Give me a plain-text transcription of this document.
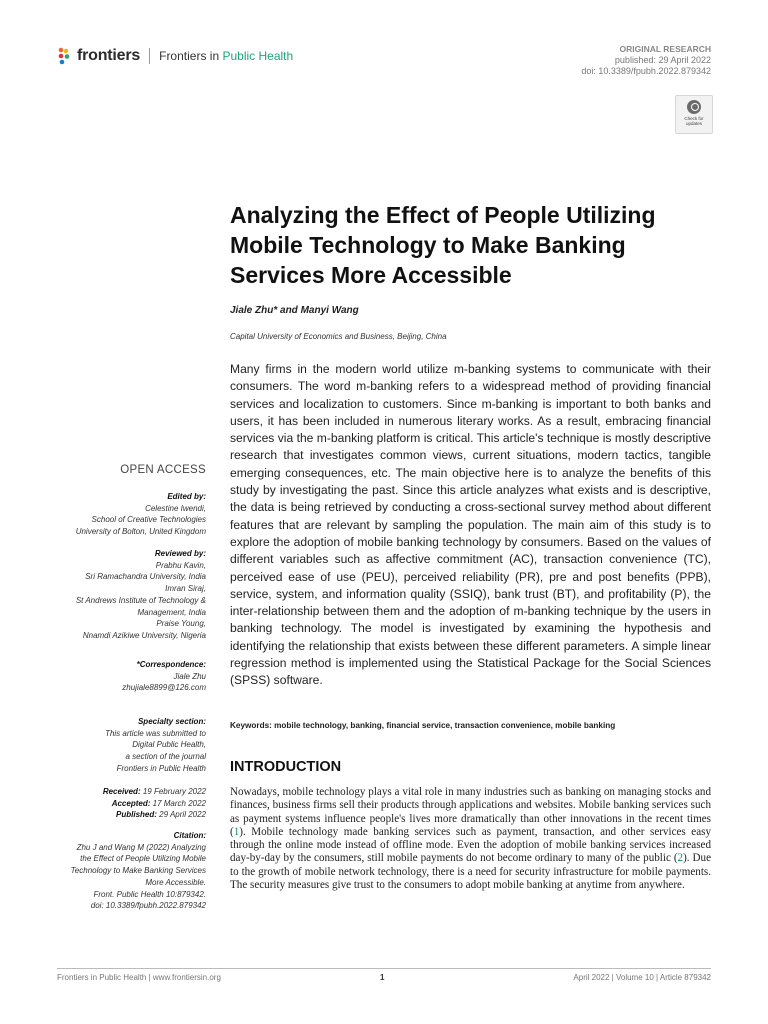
frontiers Frontiers in Public Health	ORIGINAL RESEARCH
published: 29 April 2022
doi: 10.3389/fpubh.2022.879342
Check for updates
Analyzing the Effect of People Utilizing Mobile Technology to Make Banking Services More Accessible
Jiale Zhu* and Manyi Wang
Capital University of Economics and Business, Beijing, China
Many firms in the modern world utilize m-banking systems to communicate with their consumers. The word m-banking refers to a widespread method of providing financial services and localization to customers. Since m-banking is important to both banks and users, it has been included in numerous literary works. As a result, embracing financial services via the m-banking platform is critical. This article's technique is mostly descriptive research that investigates common views, current situations, modern tactics, tangible emerging consequences, etc. The main objective here is to analyze the benefits of this study by investigating the past. Since this article analyzes what exists and is descriptive, the data is being retrieved by conducting a cross-sectional survey method about different features that are relevant by sampling the population. The main aim of this study is to explore the adoption of mobile banking technology by consumers. Based on the values of different variables such as affective commitment (AC), transaction convenience (TC), perceived ease of use (PEU), perceived reliability (PR), pre and post benefits (PPB), service, system, and information quality (SSIQ), bank trust (BT), and profitability (P), the inter-relationship between them and the adoption of m-banking technique by the users in banking technology. The model is investigated by examining the hypothesis and identifying the relationship that exists between these different parameters. A simple linear regression method is implemented using the Statistical Package for the Social Sciences (SPSS) software.
Keywords: mobile technology, banking, financial service, transaction convenience, mobile banking
INTRODUCTION
Nowadays, mobile technology plays a vital role in many industries such as banking on managing stocks and finances, business firms sell their products through applications and websites. Mobile banking services such as payment systems influence people's lives more dramatically than other innovations in the recent times (1). Mobile technology made banking services such as payment, transaction, and other services easy through the online mode instead of offline mode. Even the adoption of mobile banking services increased day-by-day by the consumers, still mobile payments do not become ordinary to many of the public (2). Due to the growth of mobile network technology, there is a need for security infrastructure for mobile payments. The security measures give trust to the consumers to adopt mobile banking at anytime from anywhere.
OPEN ACCESS
Edited by:
Celestine Iwendi,
School of Creative Technologies
University of Bolton, United Kingdom
Reviewed by:
Prabhu Kavin,
Sri Ramachandra University, India
Imran Siraj,
St Andrews Institute of Technology &
Management, India
Praise Young,
Nnamdi Azikiwe University, Nigeria
*Correspondence:
Jiale Zhu
zhujiale8899@126.com
Specialty section:
This article was submitted to
Digital Public Health,
a section of the journal
Frontiers in Public Health
Received: 19 February 2022
Accepted: 17 March 2022
Published: 29 April 2022
Citation:
Zhu J and Wang M (2022) Analyzing
the Effect of People Utilizing Mobile
Technology to Make Banking Services
More Accessible.
Front. Public Health 10:879342.
doi: 10.3389/fpubh.2022.879342
Frontiers in Public Health | www.frontiersin.org	1	April 2022 | Volume 10 | Article 879342
